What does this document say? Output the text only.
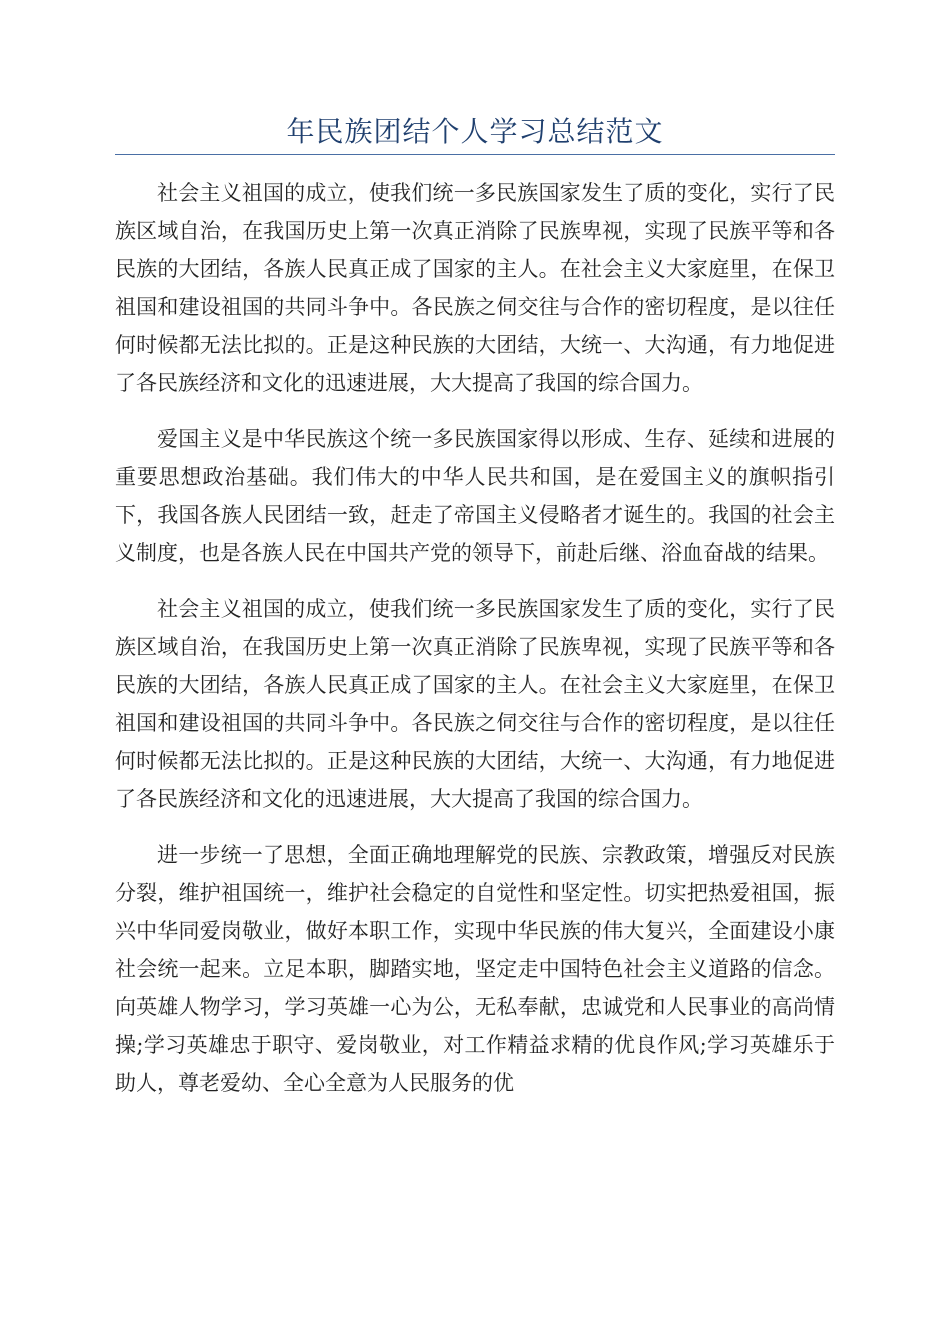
年民族团结个人学习总结范文

社会主义祖国的成立，使我们统一多民族国家发生了质的变化，实行了民族区域自治，在我国历史上第一次真正消除了民族卑视，实现了民族平等和各民族的大团结，各族人民真正成了国家的主人。在社会主义大家庭里，在保卫祖国和建设祖国的共同斗争中。各民族之伺交往与合作的密切程度，是以往任何时候都无法比拟的。正是这种民族的大团结，大统一、大沟通，有力地促进了各民族经济和文化的迅速进展，大大提高了我国的综合国力。

爱国主义是中华民族这个统一多民族国家得以形成、生存、延续和进展的重要思想政治基础。我们伟大的中华人民共和国，是在爱国主义的旗帜指引下，我国各族人民团结一致，赶走了帝国主义侵略者才诞生的。我国的社会主义制度，也是各族人民在中国共产党的领导下，前赴后继、浴血奋战的结果。

社会主义祖国的成立，使我们统一多民族国家发生了质的变化，实行了民族区域自治，在我国历史上第一次真正消除了民族卑视，实现了民族平等和各民族的大团结，各族人民真正成了国家的主人。在社会主义大家庭里，在保卫祖国和建设祖国的共同斗争中。各民族之伺交往与合作的密切程度，是以往任何时候都无法比拟的。正是这种民族的大团结，大统一、大沟通，有力地促进了各民族经济和文化的迅速进展，大大提高了我国的综合国力。

进一步统一了思想，全面正确地理解党的民族、宗教政策，增强反对民族分裂，维护祖国统一，维护社会稳定的自觉性和坚定性。切实把热爱祖国，振兴中华同爱岗敬业，做好本职工作，实现中华民族的伟大复兴，全面建设小康社会统一起来。立足本职，脚踏实地，坚定走中国特色社会主义道路的信念。向英雄人物学习，学习英雄一心为公，无私奉献，忠诚党和人民事业的高尚情操;学习英雄忠于职守、爱岗敬业，对工作精益求精的优良作风;学习英雄乐于助人，尊老爱幼、全心全意为人民服务的优
